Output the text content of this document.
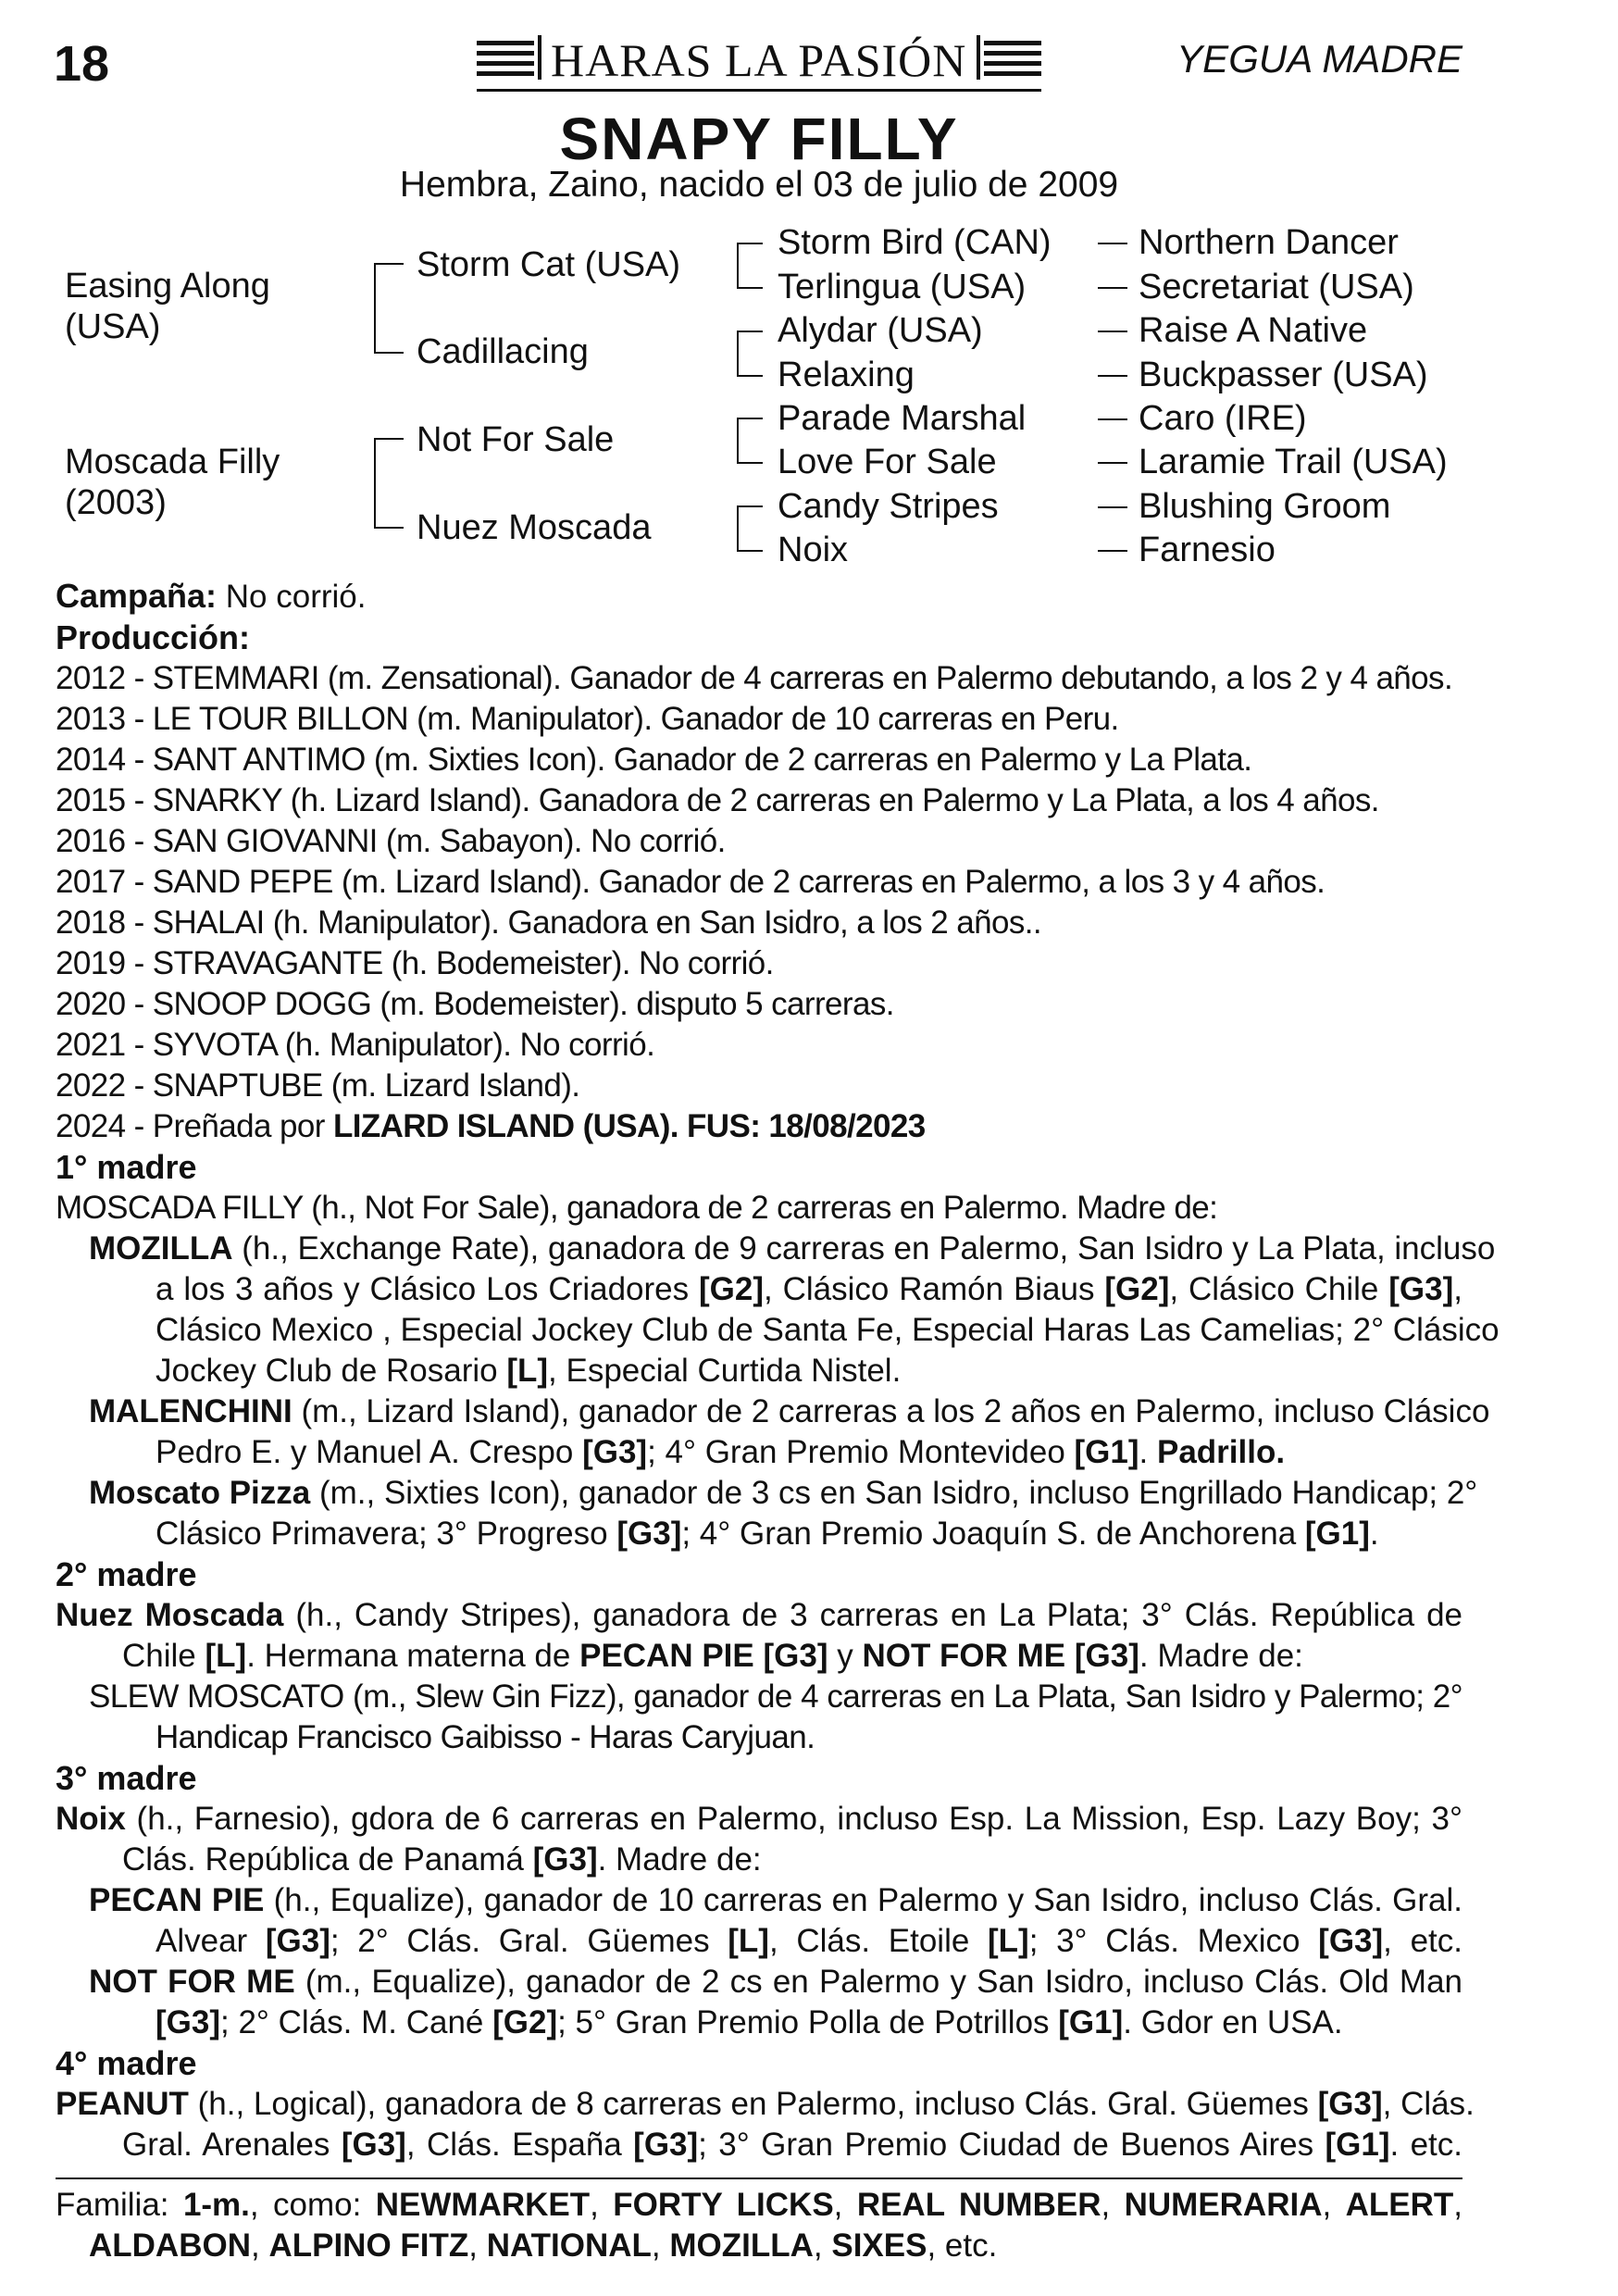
18	HARAS LA PASIÓN	YEGUA MADRE
SNAPY FILLY
Hembra, Zaino, nacido el 03 de julio de 2009
Easing Along
(USA)
Moscada Filly
(2003)
Storm Cat (USA)
Cadillacing
Not For Sale
Nuez Moscada
Storm Bird (CAN)
Terlingua (USA)
Alydar (USA)
Relaxing
Parade Marshal
Love For Sale
Candy Stripes
Noix
Northern Dancer
Secretariat (USA)
Raise A Native
Buckpasser (USA)
Caro (IRE)
Laramie Trail (USA)
Blushing Groom
Farnesio
Campaña: No corrió.
Producción:
2012 - STEMMARI (m. Zensational). Ganador de 4 carreras en Palermo debutando, a los 2 y 4 años.
2013 - LE TOUR BILLON (m. Manipulator). Ganador de 10 carreras en Peru.
2014 - SANT ANTIMO (m. Sixties Icon). Ganador de 2 carreras en Palermo y La Plata.
2015 - SNARKY (h. Lizard Island). Ganadora de 2 carreras en Palermo y La Plata, a los 4 años.
2016 - SAN GIOVANNI (m. Sabayon). No corrió.
2017 - SAND PEPE (m. Lizard Island). Ganador de 2 carreras en Palermo, a los 3 y 4 años.
2018 - SHALAI (h. Manipulator). Ganadora en San Isidro, a los 2 años..
2019 - STRAVAGANTE (h. Bodemeister). No corrió.
2020 - SNOOP DOGG (m. Bodemeister). disputo 5 carreras.
2021 - SYVOTA (h. Manipulator). No corrió.
2022 - SNAPTUBE (m. Lizard Island).
2024 - Preñada por LIZARD ISLAND (USA). FUS: 18/08/2023
1° madre
MOSCADA FILLY (h., Not For Sale), ganadora de 2 carreras en Palermo. Madre de:
MOZILLA (h., Exchange Rate), ganadora de 9 carreras en Palermo, San Isidro y La Plata, incluso
a los 3 años y Clásico Los Criadores [G2], Clásico Ramón Biaus [G2], Clásico Chile [G3],
Clásico Mexico , Especial Jockey Club de Santa Fe, Especial Haras Las Camelias; 2° Clásico
Jockey Club de Rosario [L], Especial Curtida Nistel.
MALENCHINI (m., Lizard Island), ganador de 2 carreras a los 2 años en Palermo, incluso Clásico
Pedro E. y Manuel A. Crespo [G3]; 4° Gran Premio Montevideo [G1]. Padrillo.
Moscato Pizza (m., Sixties Icon), ganador de 3 cs en San Isidro, incluso Engrillado Handicap; 2°
Clásico Primavera; 3° Progreso [G3]; 4° Gran Premio Joaquín S. de Anchorena [G1].
2° madre
Nuez Moscada (h., Candy Stripes), ganadora de 3 carreras en La Plata; 3° Clás. República de
Chile [L]. Hermana materna de PECAN PIE [G3] y NOT FOR ME [G3]. Madre de:
SLEW MOSCATO (m., Slew Gin Fizz), ganador de 4 carreras en La Plata, San Isidro y Palermo; 2°
Handicap Francisco Gaibisso - Haras Caryjuan.
3° madre
Noix (h., Farnesio), gdora de 6 carreras en Palermo, incluso Esp. La Mission, Esp. Lazy Boy; 3°
Clás. República de Panamá [G3]. Madre de:
PECAN PIE (h., Equalize), ganador de 10 carreras en Palermo y San Isidro, incluso Clás. Gral.
Alvear [G3]; 2° Clás. Gral. Güemes [L], Clás. Etoile [L]; 3° Clás. Mexico [G3], etc.
NOT FOR ME (m., Equalize), ganador de 2 cs en Palermo y San Isidro, incluso Clás. Old Man
[G3]; 2° Clás. M. Cané [G2]; 5° Gran Premio Polla de Potrillos [G1]. Gdor en USA.
4° madre
PEANUT (h., Logical), ganadora de 8 carreras en Palermo, incluso Clás. Gral. Güemes [G3], Clás.
Gral. Arenales [G3], Clás. España [G3]; 3° Gran Premio Ciudad de Buenos Aires [G1]. etc.
Familia: 1-m., como: NEWMARKET, FORTY LICKS, REAL NUMBER, NUMERARIA, ALERT,
ALDABON, ALPINO FITZ, NATIONAL, MOZILLA, SIXES, etc.
